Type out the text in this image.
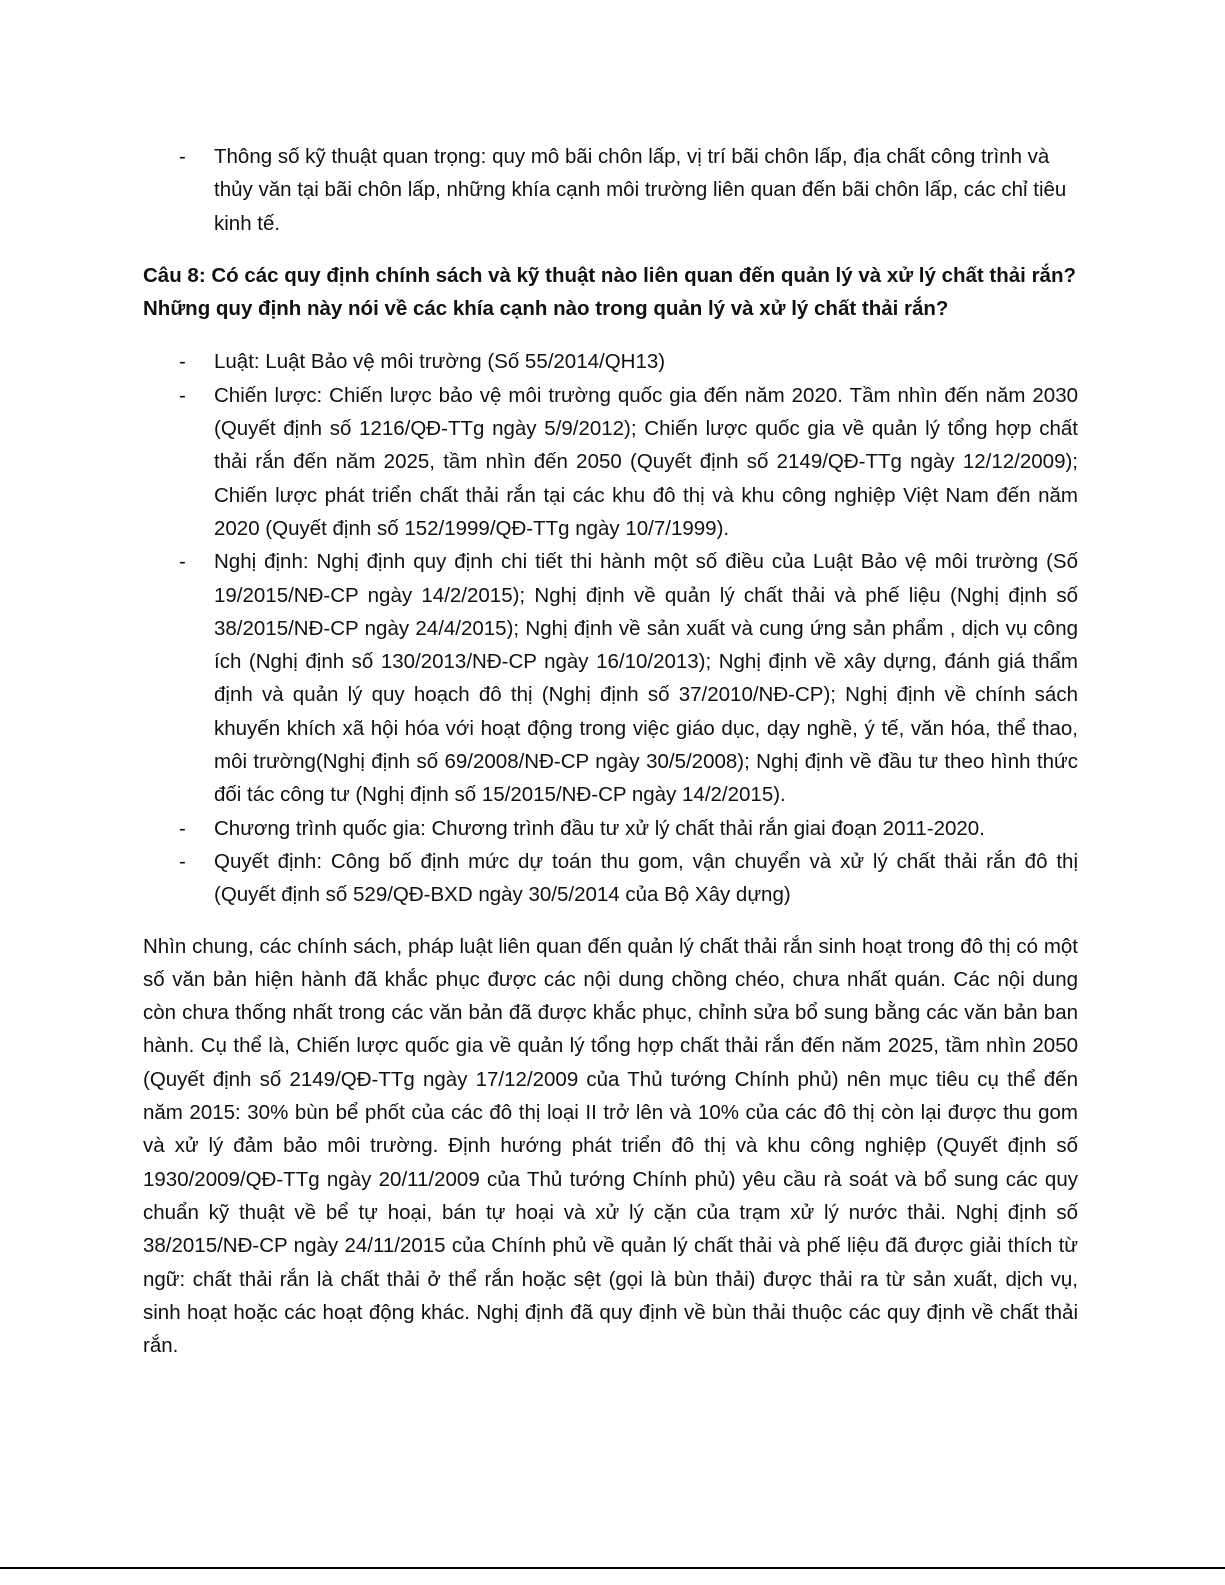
- Thông số kỹ thuật quan trọng: quy mô bãi chôn lấp, vị trí bãi chôn lấp, địa chất công trình và thủy văn tại bãi chôn lấp, những khía cạnh môi trường liên quan đến bãi chôn lấp, các chỉ tiêu kinh tế.
Câu 8: Có các quy định chính sách và kỹ thuật nào liên quan đến quản lý và xử lý chất thải rắn? Những quy định này nói về các khía cạnh nào trong quản lý và xử lý chất thải rắn?
- Luật: Luật Bảo vệ môi trường (Số 55/2014/QH13)
- Chiến lược: Chiến lược bảo vệ môi trường quốc gia đến năm 2020. Tầm nhìn đến năm 2030 (Quyết định số 1216/QĐ-TTg ngày 5/9/2012); Chiến lược quốc gia về quản lý tổng hợp chất thải rắn đến năm 2025, tầm nhìn đến 2050 (Quyết định số 2149/QĐ-TTg ngày 12/12/2009); Chiến lược phát triển chất thải rắn tại các khu đô thị và khu công nghiệp Việt Nam đến năm 2020 (Quyết định số 152/1999/QĐ-TTg ngày 10/7/1999).
- Nghị định: Nghị định quy định chi tiết thi hành một số điều của Luật Bảo vệ môi trường (Số 19/2015/NĐ-CP ngày 14/2/2015); Nghị định về quản lý chất thải và phế liệu (Nghị định số 38/2015/NĐ-CP ngày 24/4/2015); Nghị định về sản xuất và cung ứng sản phẩm , dịch vụ công ích (Nghị định số 130/2013/NĐ-CP ngày 16/10/2013); Nghị định về xây dựng, đánh giá thẩm định và quản lý quy hoạch đô thị (Nghị định số 37/2010/NĐ-CP); Nghị định về chính sách khuyến khích xã hội hóa với hoạt động trong việc giáo dục, dạy nghề, ý tế, văn hóa, thể thao, môi trường(Nghị định số 69/2008/NĐ-CP ngày 30/5/2008); Nghị định về đầu tư theo hình thức đối tác công tư (Nghị định số 15/2015/NĐ-CP ngày 14/2/2015).
- Chương trình quốc gia: Chương trình đầu tư xử lý chất thải rắn giai đoạn 2011-2020.
- Quyết định: Công bố định mức dự toán thu gom, vận chuyển và xử lý chất thải rắn đô thị (Quyết định số 529/QĐ-BXD ngày 30/5/2014 của Bộ Xây dựng)

Nhìn chung, các chính sách, pháp luật liên quan đến quản lý chất thải rắn sinh hoạt trong đô thị có một số văn bản hiện hành đã khắc phục được các nội dung chồng chéo, chưa nhất quán. Các nội dung còn chưa thống nhất trong các văn bản đã được khắc phục, chỉnh sửa bổ sung bằng các văn bản ban hành. Cụ thể là, Chiến lược quốc gia về quản lý tổng hợp chất thải rắn đến năm 2025, tầm nhìn 2050 (Quyết định số 2149/QĐ-TTg ngày 17/12/2009 của Thủ tướng Chính phủ) nên mục tiêu cụ thể đến năm 2015: 30% bùn bể phốt của các đô thị loại II trở lên và 10% của các đô thị còn lại được thu gom và xử lý đảm bảo môi trường. Định hướng phát triển đô thị và khu công nghiệp (Quyết định số 1930/2009/QĐ-TTg ngày 20/11/2009 của Thủ tướng Chính phủ) yêu cầu rà soát và bổ sung các quy chuẩn kỹ thuật về bể tự hoại, bán tự hoại và xử lý cặn của trạm xử lý nước thải. Nghị định số 38/2015/NĐ-CP ngày 24/11/2015 của Chính phủ về quản lý chất thải và phế liệu đã được giải thích từ ngữ: chất thải rắn là chất thải ở thể rắn hoặc sệt (gọi là bùn thải) được thải ra từ sản xuất, dịch vụ, sinh hoạt hoặc các hoạt động khác. Nghị định đã quy định về bùn thải thuộc các quy định về chất thải rắn.
